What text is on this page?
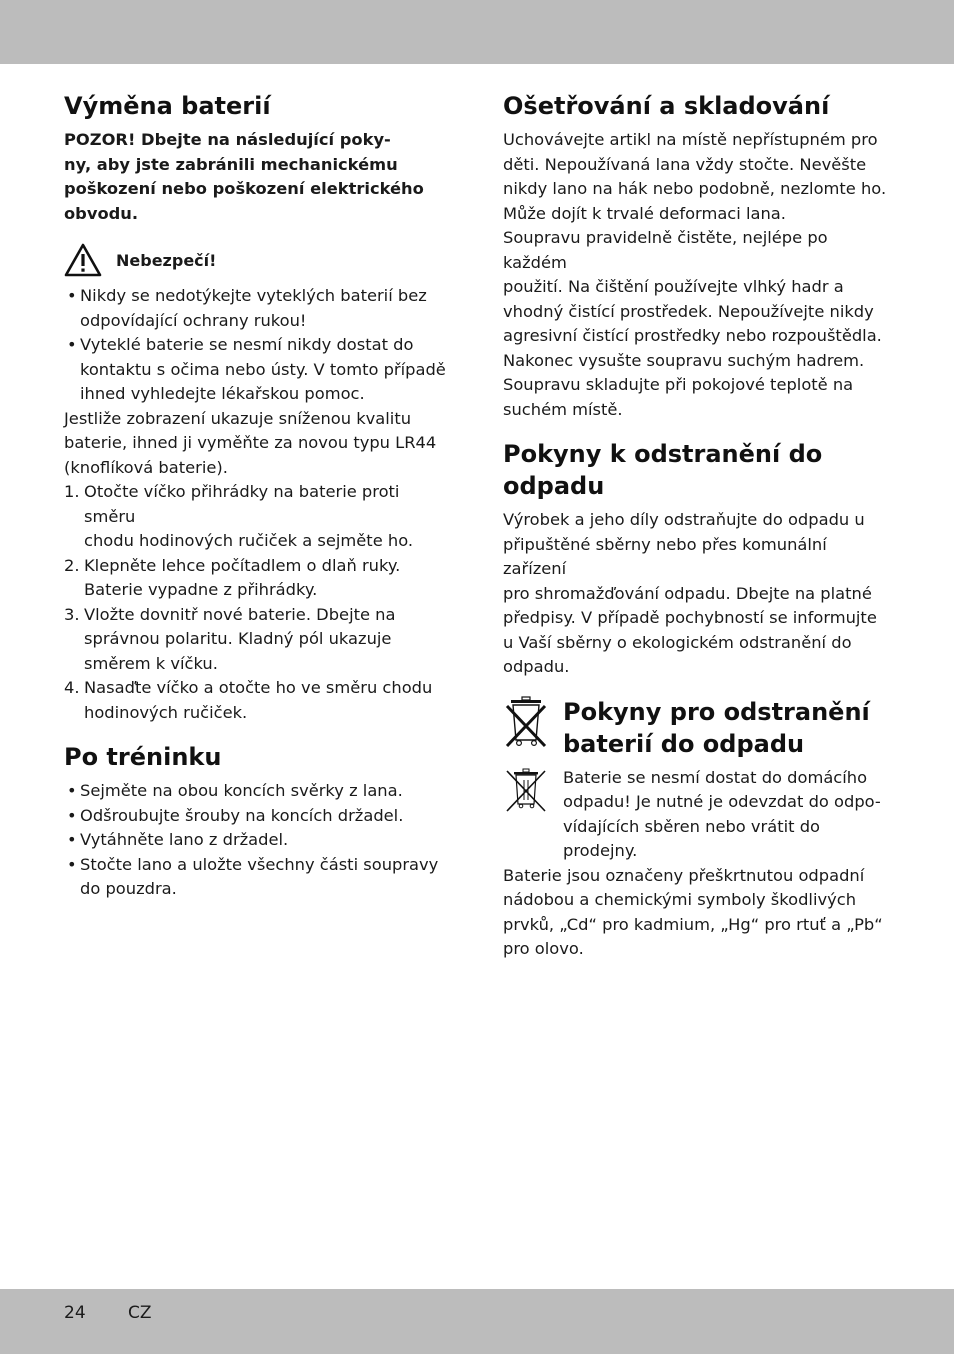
Výměna baterií

POZOR! Dbejte na následující poky-

ny, aby jste zabránili mechanickému

poškození nebo poškození elektrického

obvodu.

Nebezpečí!
• Nikdy se nedotýkejte vyteklých baterií bez
odpovídající ochrany rukou!
• Vyteklé baterie se nesmí nikdy dostat do
kontaktu s očima nebo ústy. V tomto případě
ihned vyhledejte lékařskou pomoc.

Jestliže zobrazení ukazuje sníženou kvalitu

baterie, ihned ji vyměňte za novou typu LR44

(knoflíková baterie).

1. Otočte víčko přihrádky na baterie proti směru
chodu hodinových ručiček a sejměte ho.
2. Klepněte lehce počítadlem o dlaň ruky.
Baterie vypadne z přihrádky.
3. Vložte dovnitř nové baterie. Dbejte na
správnou polaritu. Kladný pól ukazuje
směrem k víčku.
4. Nasaďte víčko a otočte ho ve směru chodu
hodinových ručiček.
Po tréninku
• Sejměte na obou koncích svěrky z lana.
• Odšroubujte šrouby na koncích držadel.
• Vytáhněte lano z držadel.
• Stočte lano a uložte všechny části soupravy
do pouzdra.
Ošetřování a skladování

Uchovávejte artikl na místě nepřístupném pro

děti. Nepoužívaná lana vždy stočte. Nevěšte

nikdy lano na hák nebo podobně, nezlomte ho.

Může dojít k trvalé deformaci lana.

Soupravu pravidelně čistěte, nejlépe po každém

použití. Na čištění používejte vlhký hadr a

vhodný čistící prostředek. Nepoužívejte nikdy

agresivní čistící prostředky nebo rozpouštědla.

Nakonec vysušte soupravu suchým hadrem.

Soupravu skladujte při pokojové teplotě na

suchém místě.

Pokyny k odstranění do
odpadu

Výrobek a jeho díly odstraňujte do odpadu u

připuštěné sběrny nebo přes komunální zařízení

pro shromažďování odpadu. Dbejte na platné

předpisy. V případě pochybností se informujte

u Vaší sběrny o ekologickém odstranění do

odpadu.

Pokyny pro odstranění
baterií do odpadu

Baterie se nesmí dostat do domácího

odpadu! Je nutné je odevzdat do odpo-

vídajících sběren nebo vrátit do prodejny.

Baterie jsou označeny přeškrtnutou odpadní

nádobou a chemickými symboly škodlivých

prvků, „Cd“ pro kadmium, „Hg“ pro rtuť a „Pb“

pro olovo.

24 CZ
